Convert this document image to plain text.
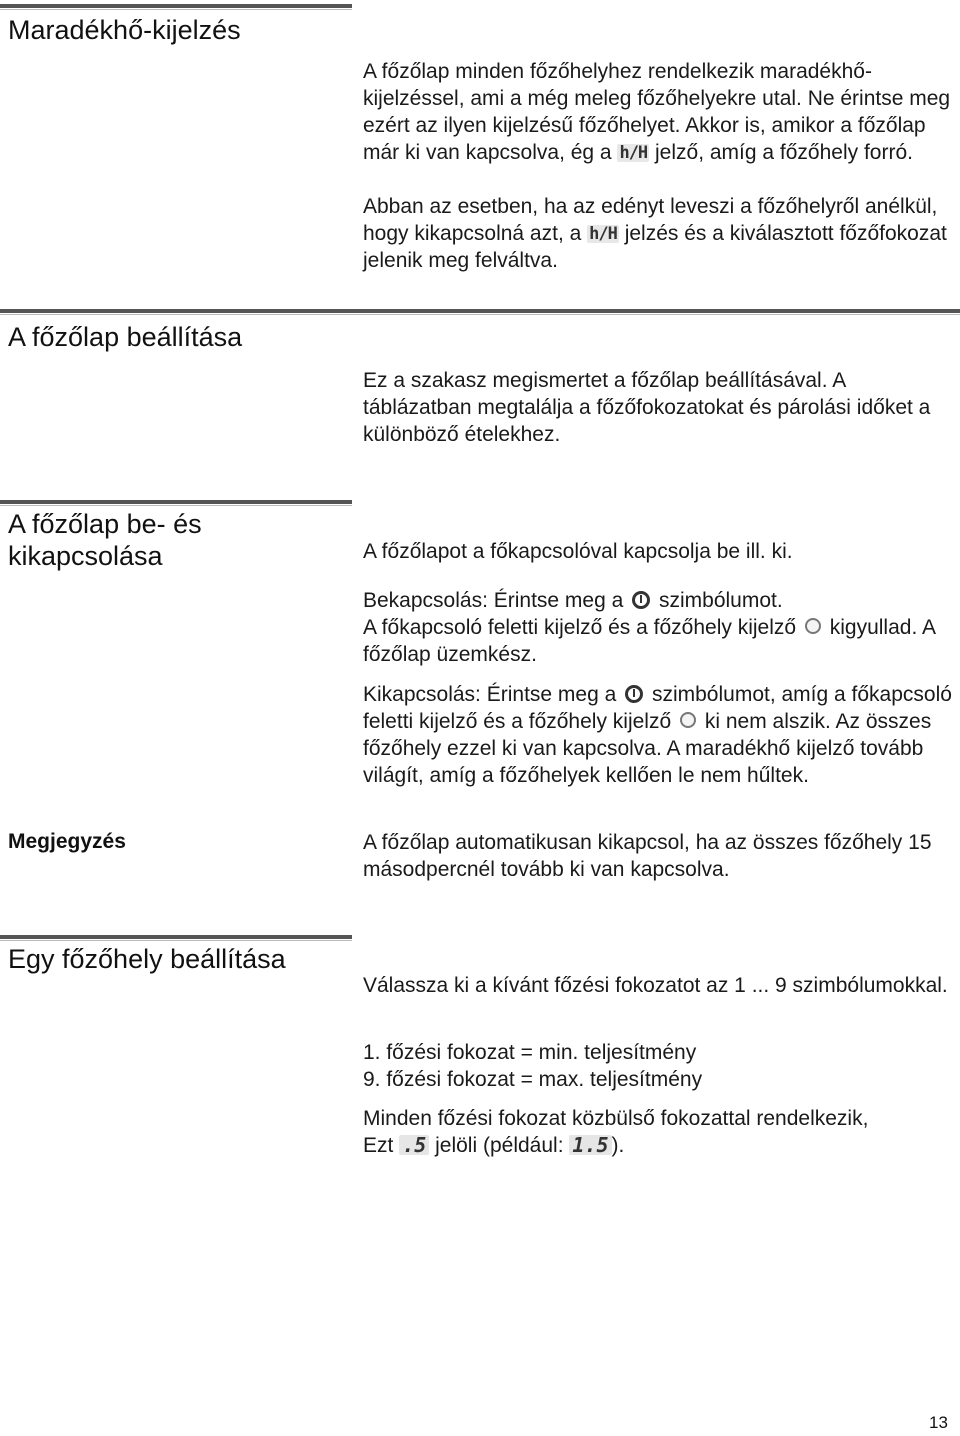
Maradékhő-kijelzés

A főzőlap minden főzőhelyhez rendelkezik maradékhő-kijelzéssel, ami a még meleg főzőhelyekre utal. Ne érintse meg ezért az ilyen kijelzésű főzőhelyet. Akkor is, amikor a főzőlap már ki van kapcsolva, ég a h/H jelző, amíg a főzőhely forró.

Abban az esetben, ha az edényt leveszi a főzőhelyről anélkül, hogy kikapcsolná azt, a h/H jelzés és a kiválasztott főzőfokozat jelenik meg felváltva.

A főzőlap beállítása

Ez a szakasz megismertet a főzőlap beállításával. A táblázatban megtalálja a főzőfokozatokat és párolási időket a különböző ételekhez.

A főzőlap be- és kikapcsolása	A főzőlapot a főkapcsolóval kapcsolja be ill. ki.

Bekapcsolás: Érintse meg a  szimbólumot.
A főkapcsoló feletti kijelző és a főzőhely kijelző  kigyullad. A főzőlap üzemkész.

Kikapcsolás: Érintse meg a  szimbólumot, amíg a főkapcsoló feletti kijelző és a főzőhely kijelző  ki nem alszik. Az összes főzőhely ezzel ki van kapcsolva. A maradékhő kijelző tovább világít, amíg a főzőhelyek kellően le nem hűltek.

Megjegyzés	A főzőlap automatikusan kikapcsol, ha az összes főzőhely 15 másodpercnél tovább ki van kapcsolva.

Egy főzőhely beállítása

Válassza ki a kívánt főzési fokozatot az 1 ... 9 szimbólumokkal.

1. főzési fokozat = min. teljesítmény
9. főzési fokozat = max. teljesítmény

Minden főzési fokozat közbülső fokozattal rendelkezik,
Ezt .5 jelöli (például: 1.5 ).

13
